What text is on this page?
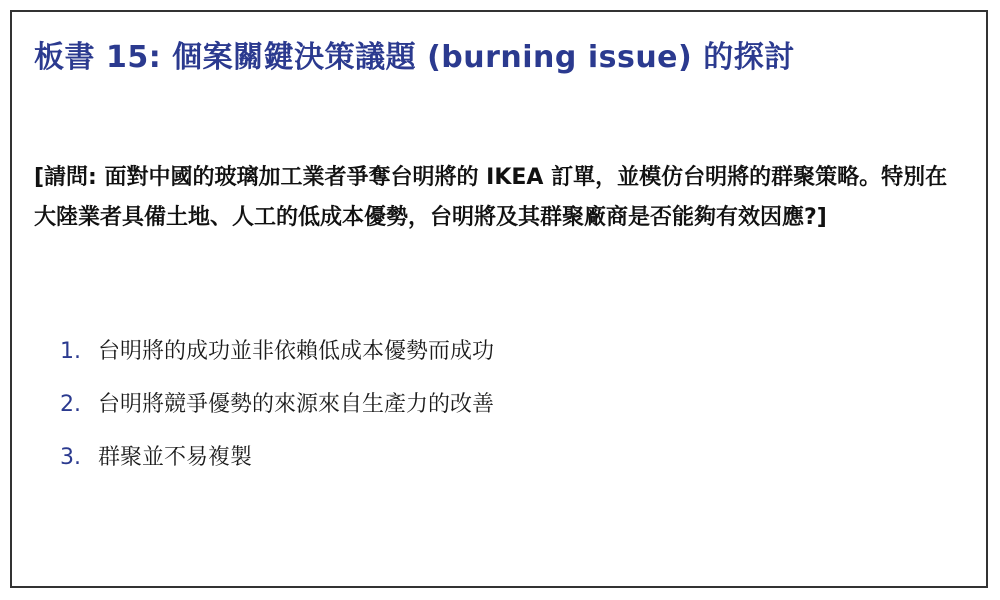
板書 15: 個案關鍵決策議題 (burning issue) 的探討

[請問: 面對中國的玻璃加工業者爭奪台明將的 IKEA 訂單，並模仿台明將的群聚策略。特別在大陸業者具備土地、人工的低成本優勢，台明將及其群聚廠商是否能夠有效因應?]

1. 台明將的成功並非依賴低成本優勢而成功
2. 台明將競爭優勢的來源來自生產力的改善
3. 群聚並不易複製
